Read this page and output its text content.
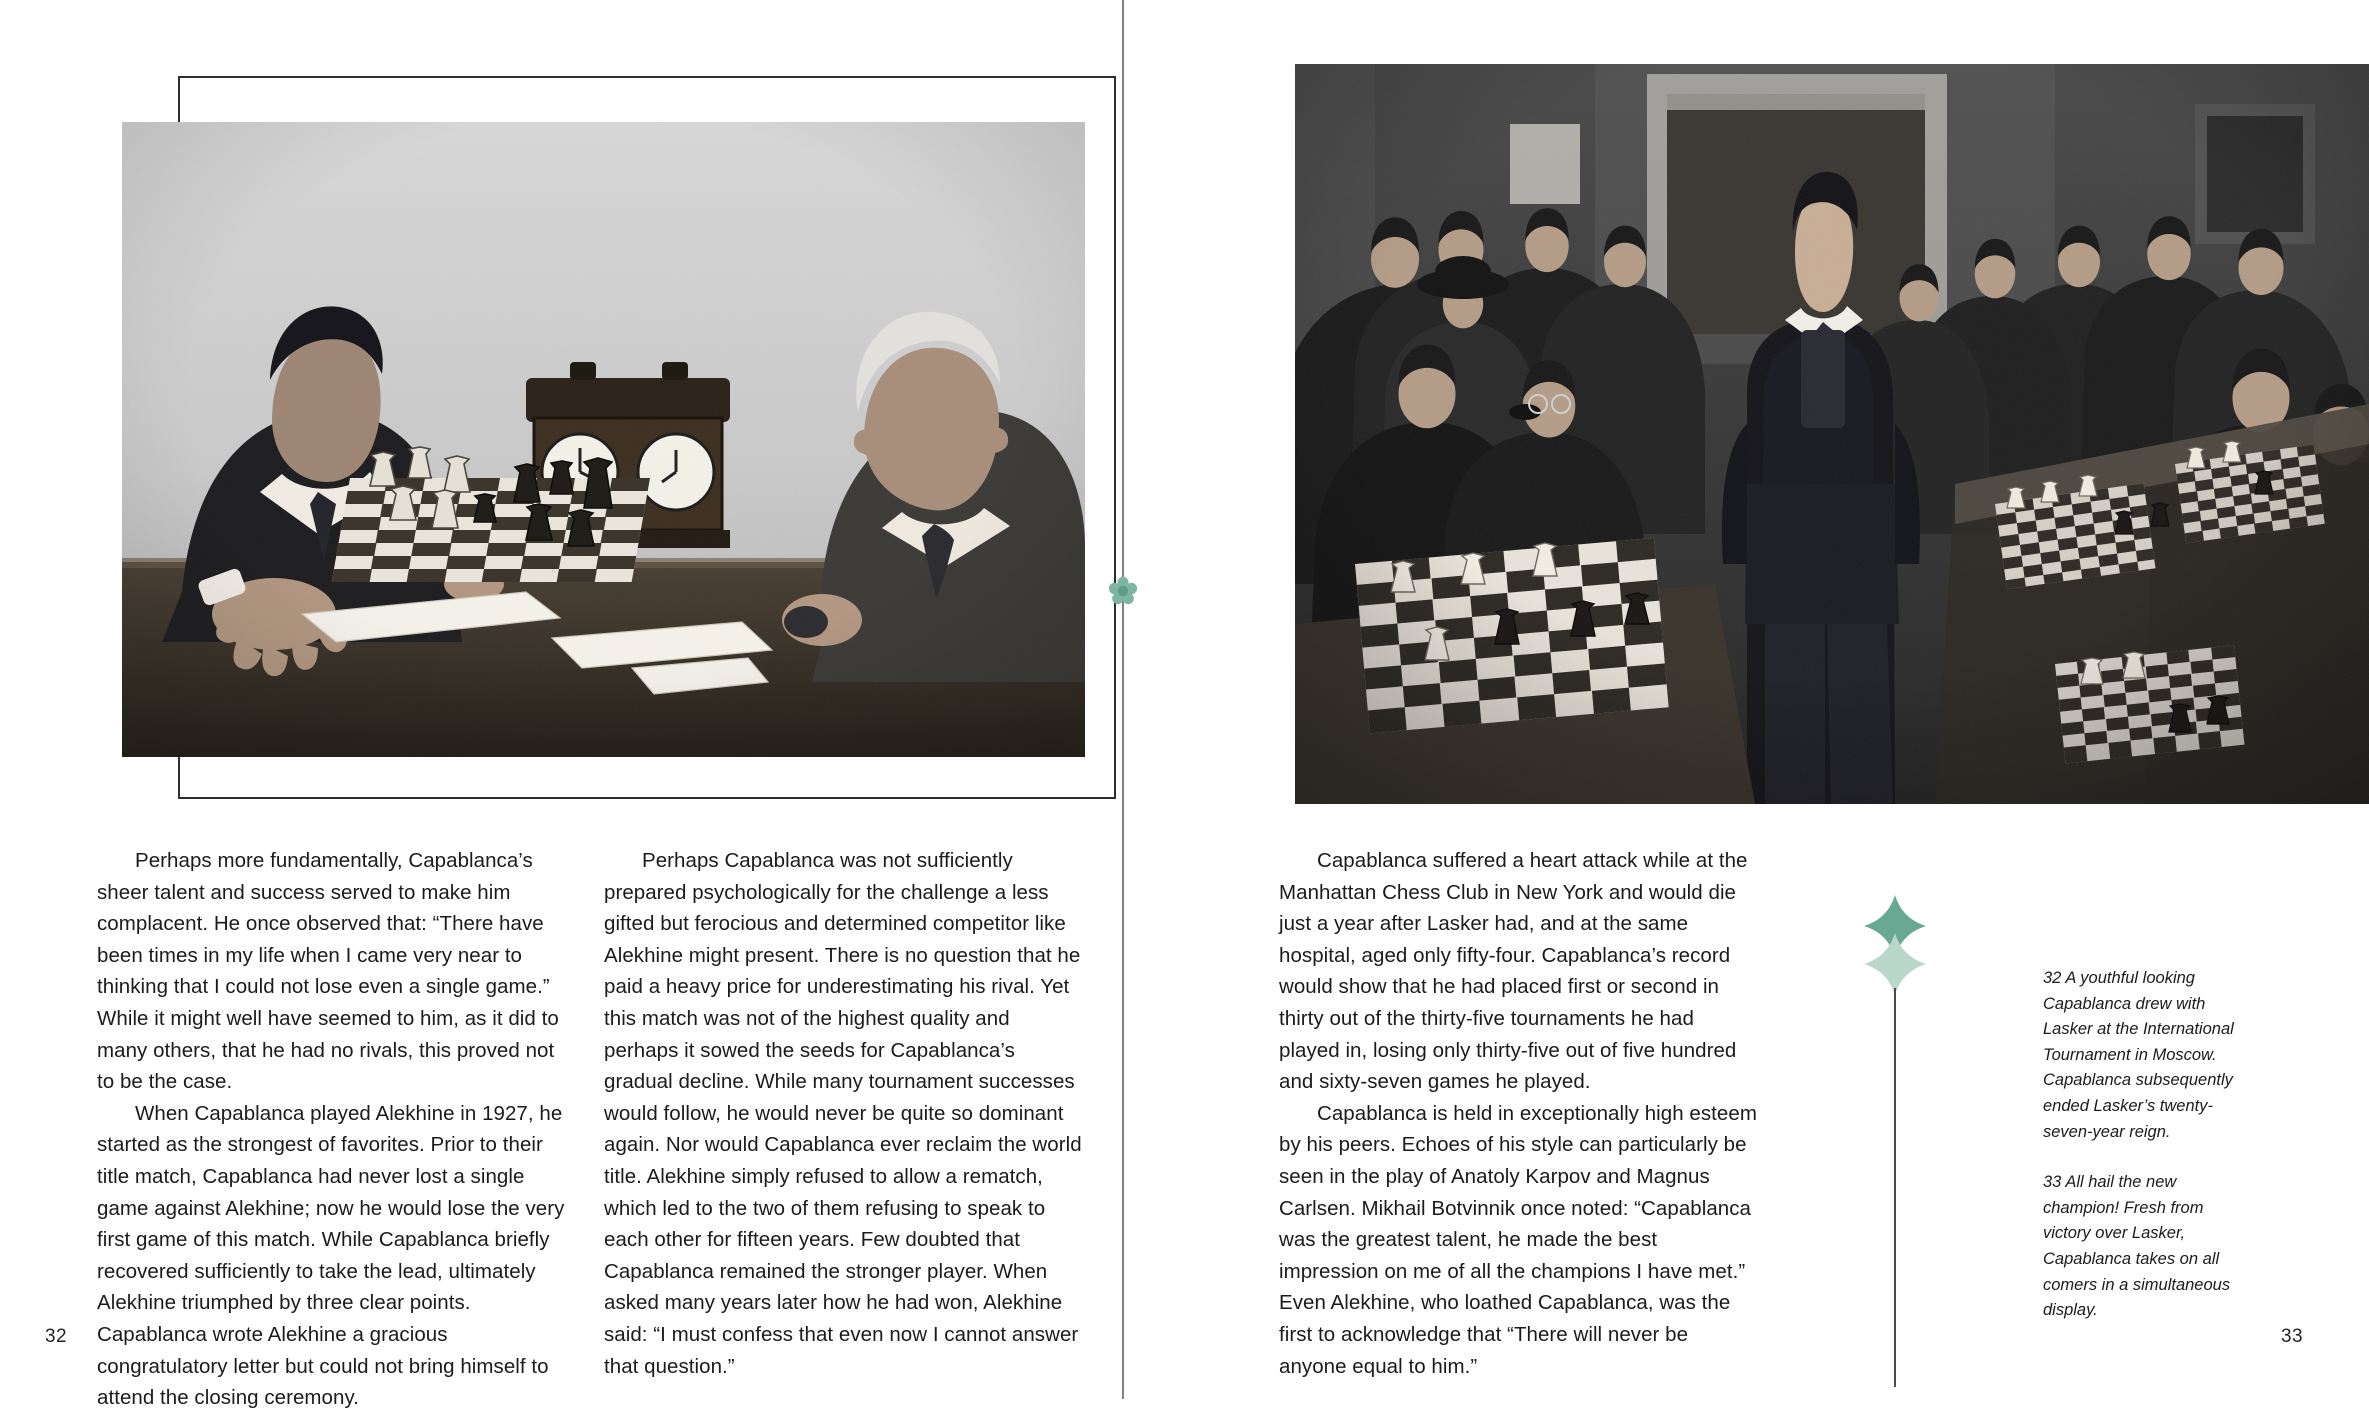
Perhaps more fundamentally, Capablanca’s sheer talent and success served to make him complacent. He once observed that: “There have been times in my life when I came very near to thinking that I could not lose even a single game.” While it might well have seemed to him, as it did to many others, that he had no rivals, this proved not to be the case.

When Capablanca played Alekhine in 1927, he started as the strongest of favorites. Prior to their title match, Capablanca had never lost a single game against Alekhine; now he would lose the very first game of this match. While Capablanca briefly recovered sufficiently to take the lead, ultimately Alekhine triumphed by three clear points. Capablanca wrote Alekhine a gracious congratulatory letter but could not bring himself to attend the closing ceremony.

Perhaps Capablanca was not sufficiently prepared psychologically for the challenge a less gifted but ferocious and determined competitor like Alekhine might present. There is no question that he paid a heavy price for underestimating his rival. Yet this match was not of the highest quality and perhaps it sowed the seeds for Capablanca’s gradual decline. While many tournament successes would follow, he would never be quite so dominant again. Nor would Capablanca ever reclaim the world title. Alekhine simply refused to allow a rematch, which led to the two of them refusing to speak to each other for fifteen years. Few doubted that Capablanca remained the stronger player. When asked many years later how he had won, Alekhine said: “I must confess that even now I cannot answer that question.”

32

Capablanca suffered a heart attack while at the Manhattan Chess Club in New York and would die just a year after Lasker had, and at the same hospital, aged only fifty-four. Capablanca’s record would show that he had placed first or second in thirty out of the thirty-five tournaments he had played in, losing only thirty-five out of five hundred and sixty-seven games he played.

Capablanca is held in exceptionally high esteem by his peers. Echoes of his style can particularly be seen in the play of Anatoly Karpov and Magnus Carlsen. Mikhail Botvinnik once noted: “Capablanca was the greatest talent, he made the best impression on me of all the champions I have met.” Even Alekhine, who loathed Capablanca, was the first to acknowledge that “There will never be anyone equal to him.”

32 A youthful looking Capablanca drew with Lasker at the International Tournament in Moscow. Capablanca subsequently ended Lasker’s twenty-seven-year reign.

33 All hail the new champion! Fresh from victory over Lasker, Capablanca takes on all comers in a simultaneous display.

33
